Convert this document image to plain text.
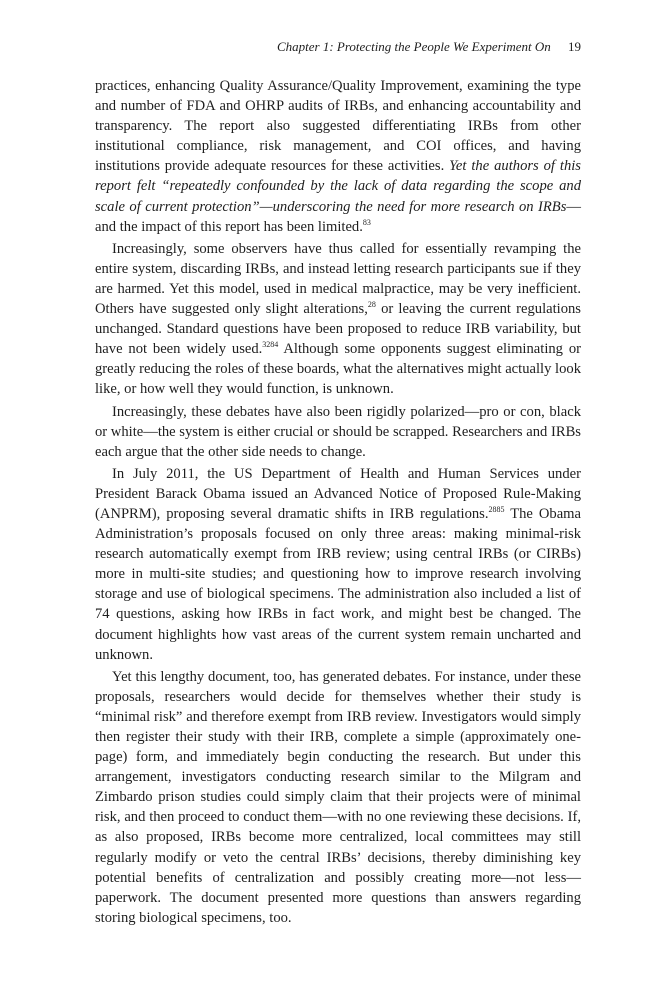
Chapter 1: Protecting the People We Experiment On 19

practices, enhancing Quality Assurance/Quality Improvement, examining the type and number of FDA and OHRP audits of IRBs, and enhancing accountability and transparency. The report also suggested differentiating IRBs from other institutional compliance, risk management, and COI offices, and having institutions provide adequate resources for these activities. Yet the authors of this report felt “repeatedly confounded by the lack of data regarding the scope and scale of current protection”—underscoring the need for more research on IRBs—and the impact of this report has been limited.$^{83}$

Increasingly, some observers have thus called for essentially revamping the entire system, discarding IRBs, and instead letting research participants sue if they are harmed. Yet this model, used in medical malpractice, may be very inefficient. Others have suggested only slight alterations,$^{28}$ or leaving the current regulations unchanged. Standard questions have been proposed to reduce IRB variability, but have not been widely used.$^{3284}$ Although some opponents suggest eliminating or greatly reducing the roles of these boards, what the alternatives might actually look like, or how well they would function, is unknown.

Increasingly, these debates have also been rigidly polarized—pro or con, black or white—the system is either crucial or should be scrapped. Researchers and IRBs each argue that the other side needs to change.

In July 2011, the US Department of Health and Human Services under President Barack Obama issued an Advanced Notice of Proposed Rule-Making (ANPRM), proposing several dramatic shifts in IRB regulations.$^{2885}$ The Obama Administration’s proposals focused on only three areas: making minimal-risk research automatically exempt from IRB review; using central IRBs (or CIRBs) more in multi-site studies; and questioning how to improve research involving storage and use of biological specimens. The administration also included a list of 74 questions, asking how IRBs in fact work, and might best be changed. The document highlights how vast areas of the current system remain uncharted and unknown.

Yet this lengthy document, too, has generated debates. For instance, under these proposals, researchers would decide for themselves whether their study is “minimal risk” and therefore exempt from IRB review. Investigators would simply then register their study with their IRB, complete a simple (approximately one-page) form, and immediately begin conducting the research. But under this arrangement, investigators conducting research similar to the Milgram and Zimbardo prison studies could simply claim that their projects were of minimal risk, and then proceed to conduct them—with no one reviewing these decisions. If, as also proposed, IRBs become more centralized, local committees may still regularly modify or veto the central IRBs’ decisions, thereby diminishing key potential benefits of centralization and possibly creating more—not less—paperwork. The document presented more questions than answers regarding storing biological specimens, too.
